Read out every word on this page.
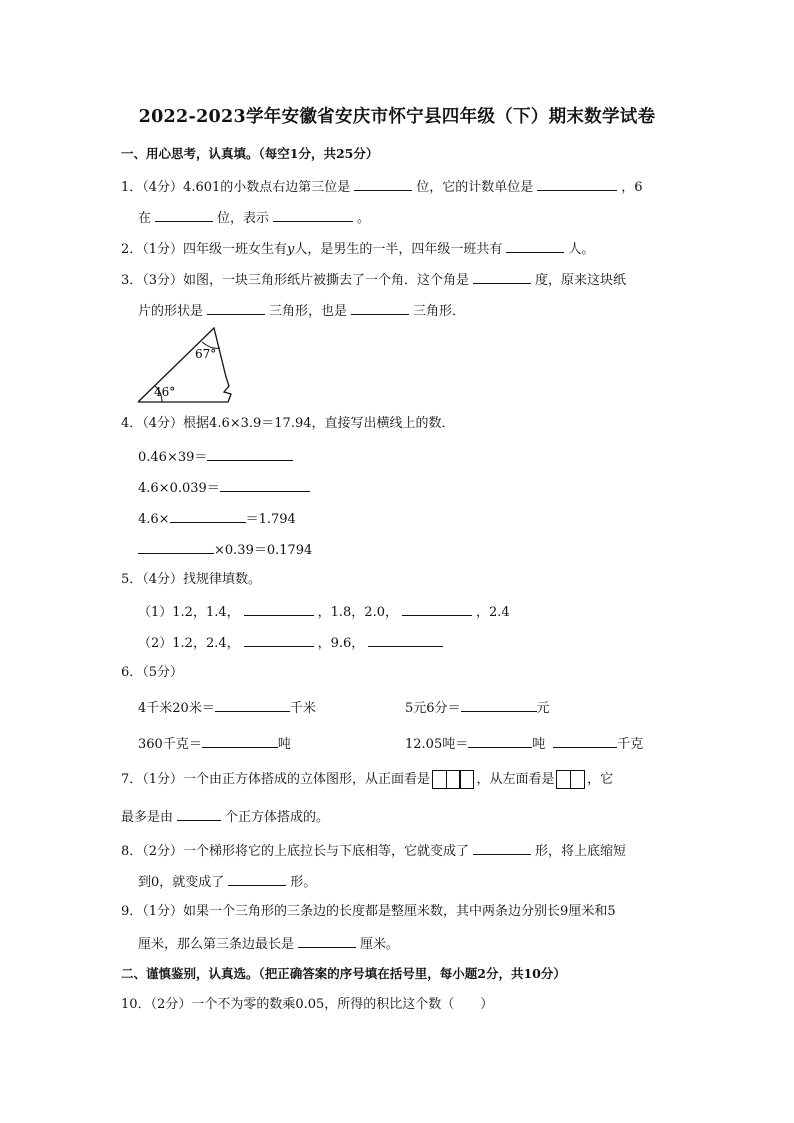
2022-2023学年安徽省安庆市怀宁县四年级（下）期末数学试卷
一、用心思考，认真填。（每空1分，共25分）
1．（4分）4.601的小数点右边第三位是	位，它的计数单位是	，6
在	位，表示	。
2．（1分）四年级一班女生有y人，是男生的一半，四年级一班共有	人。
3．（3分）如图，一块三角形纸片被撕去了一个角．这个角是	度，原来这块纸
片的形状是	三角形，也是	三角形．
67°
46°
4．（4分）根据4.6×3.9＝17.94，直接写出横线上的数．
0.46×39＝
4.6×0.039＝
4.6×	＝1.794
×0.39＝0.1794
5．（4分）找规律填数。
（1）1.2，1.4，	，1.8，2.0，	，2.4
（2）1.2，2.4，	，9.6，
6．（5分）
4千米20米＝	千米	5元6分＝	元
360千克＝	吨	12.05吨＝	吨	千克
7．（1分）一个由正方体搭成的立体图形，从正面看是	，从左面看是	，它
最多是由	个正方体搭成的。
8．（2分）一个梯形将它的上底拉长与下底相等，它就变成了	形，将上底缩短
到0，就变成了	形。
9．（1分）如果一个三角形的三条边的长度都是整厘米数，其中两条边分别长9厘米和5
厘米，那么第三条边最长是	厘米。
二、谨慎鉴别，认真选。（把正确答案的序号填在括号里，每小题2分，共10分）
10．（2分）一个不为零的数乘0.05，所得的积比这个数（　　）
